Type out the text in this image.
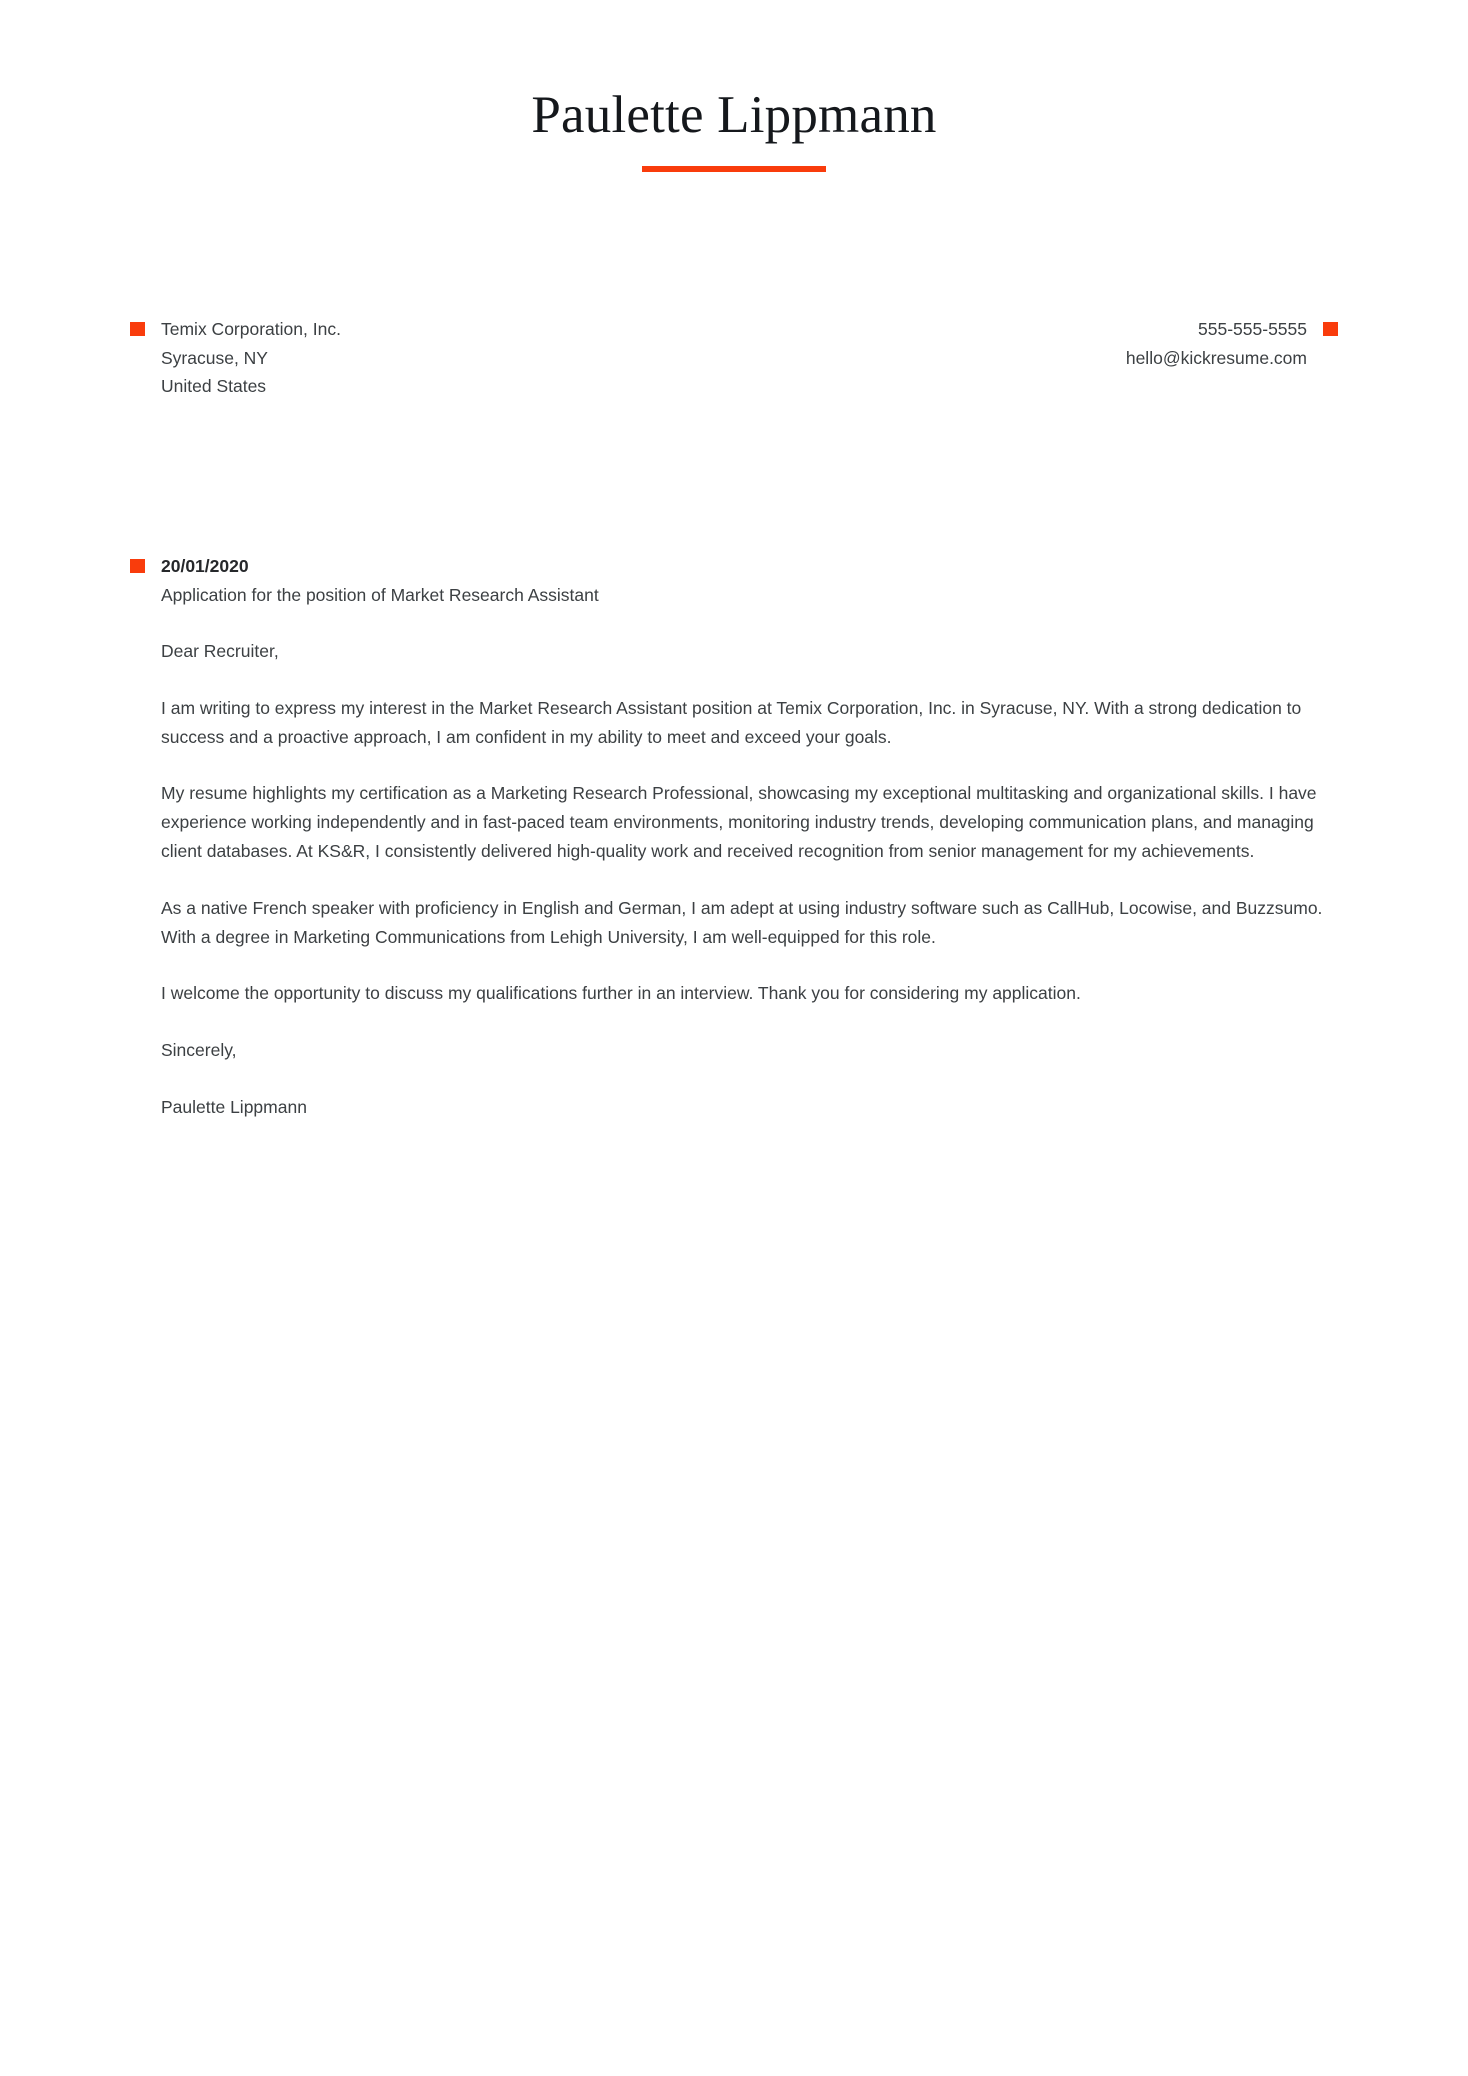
Paulette Lippmann
Temix Corporation, Inc.
Syracuse, NY
United States
555-555-5555
hello@kickresume.com
20/01/2020
Application for the position of Market Research Assistant
Dear Recruiter,
I am writing to express my interest in the Market Research Assistant position at Temix Corporation, Inc. in Syracuse, NY. With a strong dedication to success and a proactive approach, I am confident in my ability to meet and exceed your goals.
My resume highlights my certification as a Marketing Research Professional, showcasing my exceptional multitasking and organizational skills. I have experience working independently and in fast-paced team environments, monitoring industry trends, developing communication plans, and managing client databases. At KS&R, I consistently delivered high-quality work and received recognition from senior management for my achievements.
As a native French speaker with proficiency in English and German, I am adept at using industry software such as CallHub, Locowise, and Buzzsumo. With a degree in Marketing Communications from Lehigh University, I am well-equipped for this role.
I welcome the opportunity to discuss my qualifications further in an interview. Thank you for considering my application.
Sincerely,
Paulette Lippmann
